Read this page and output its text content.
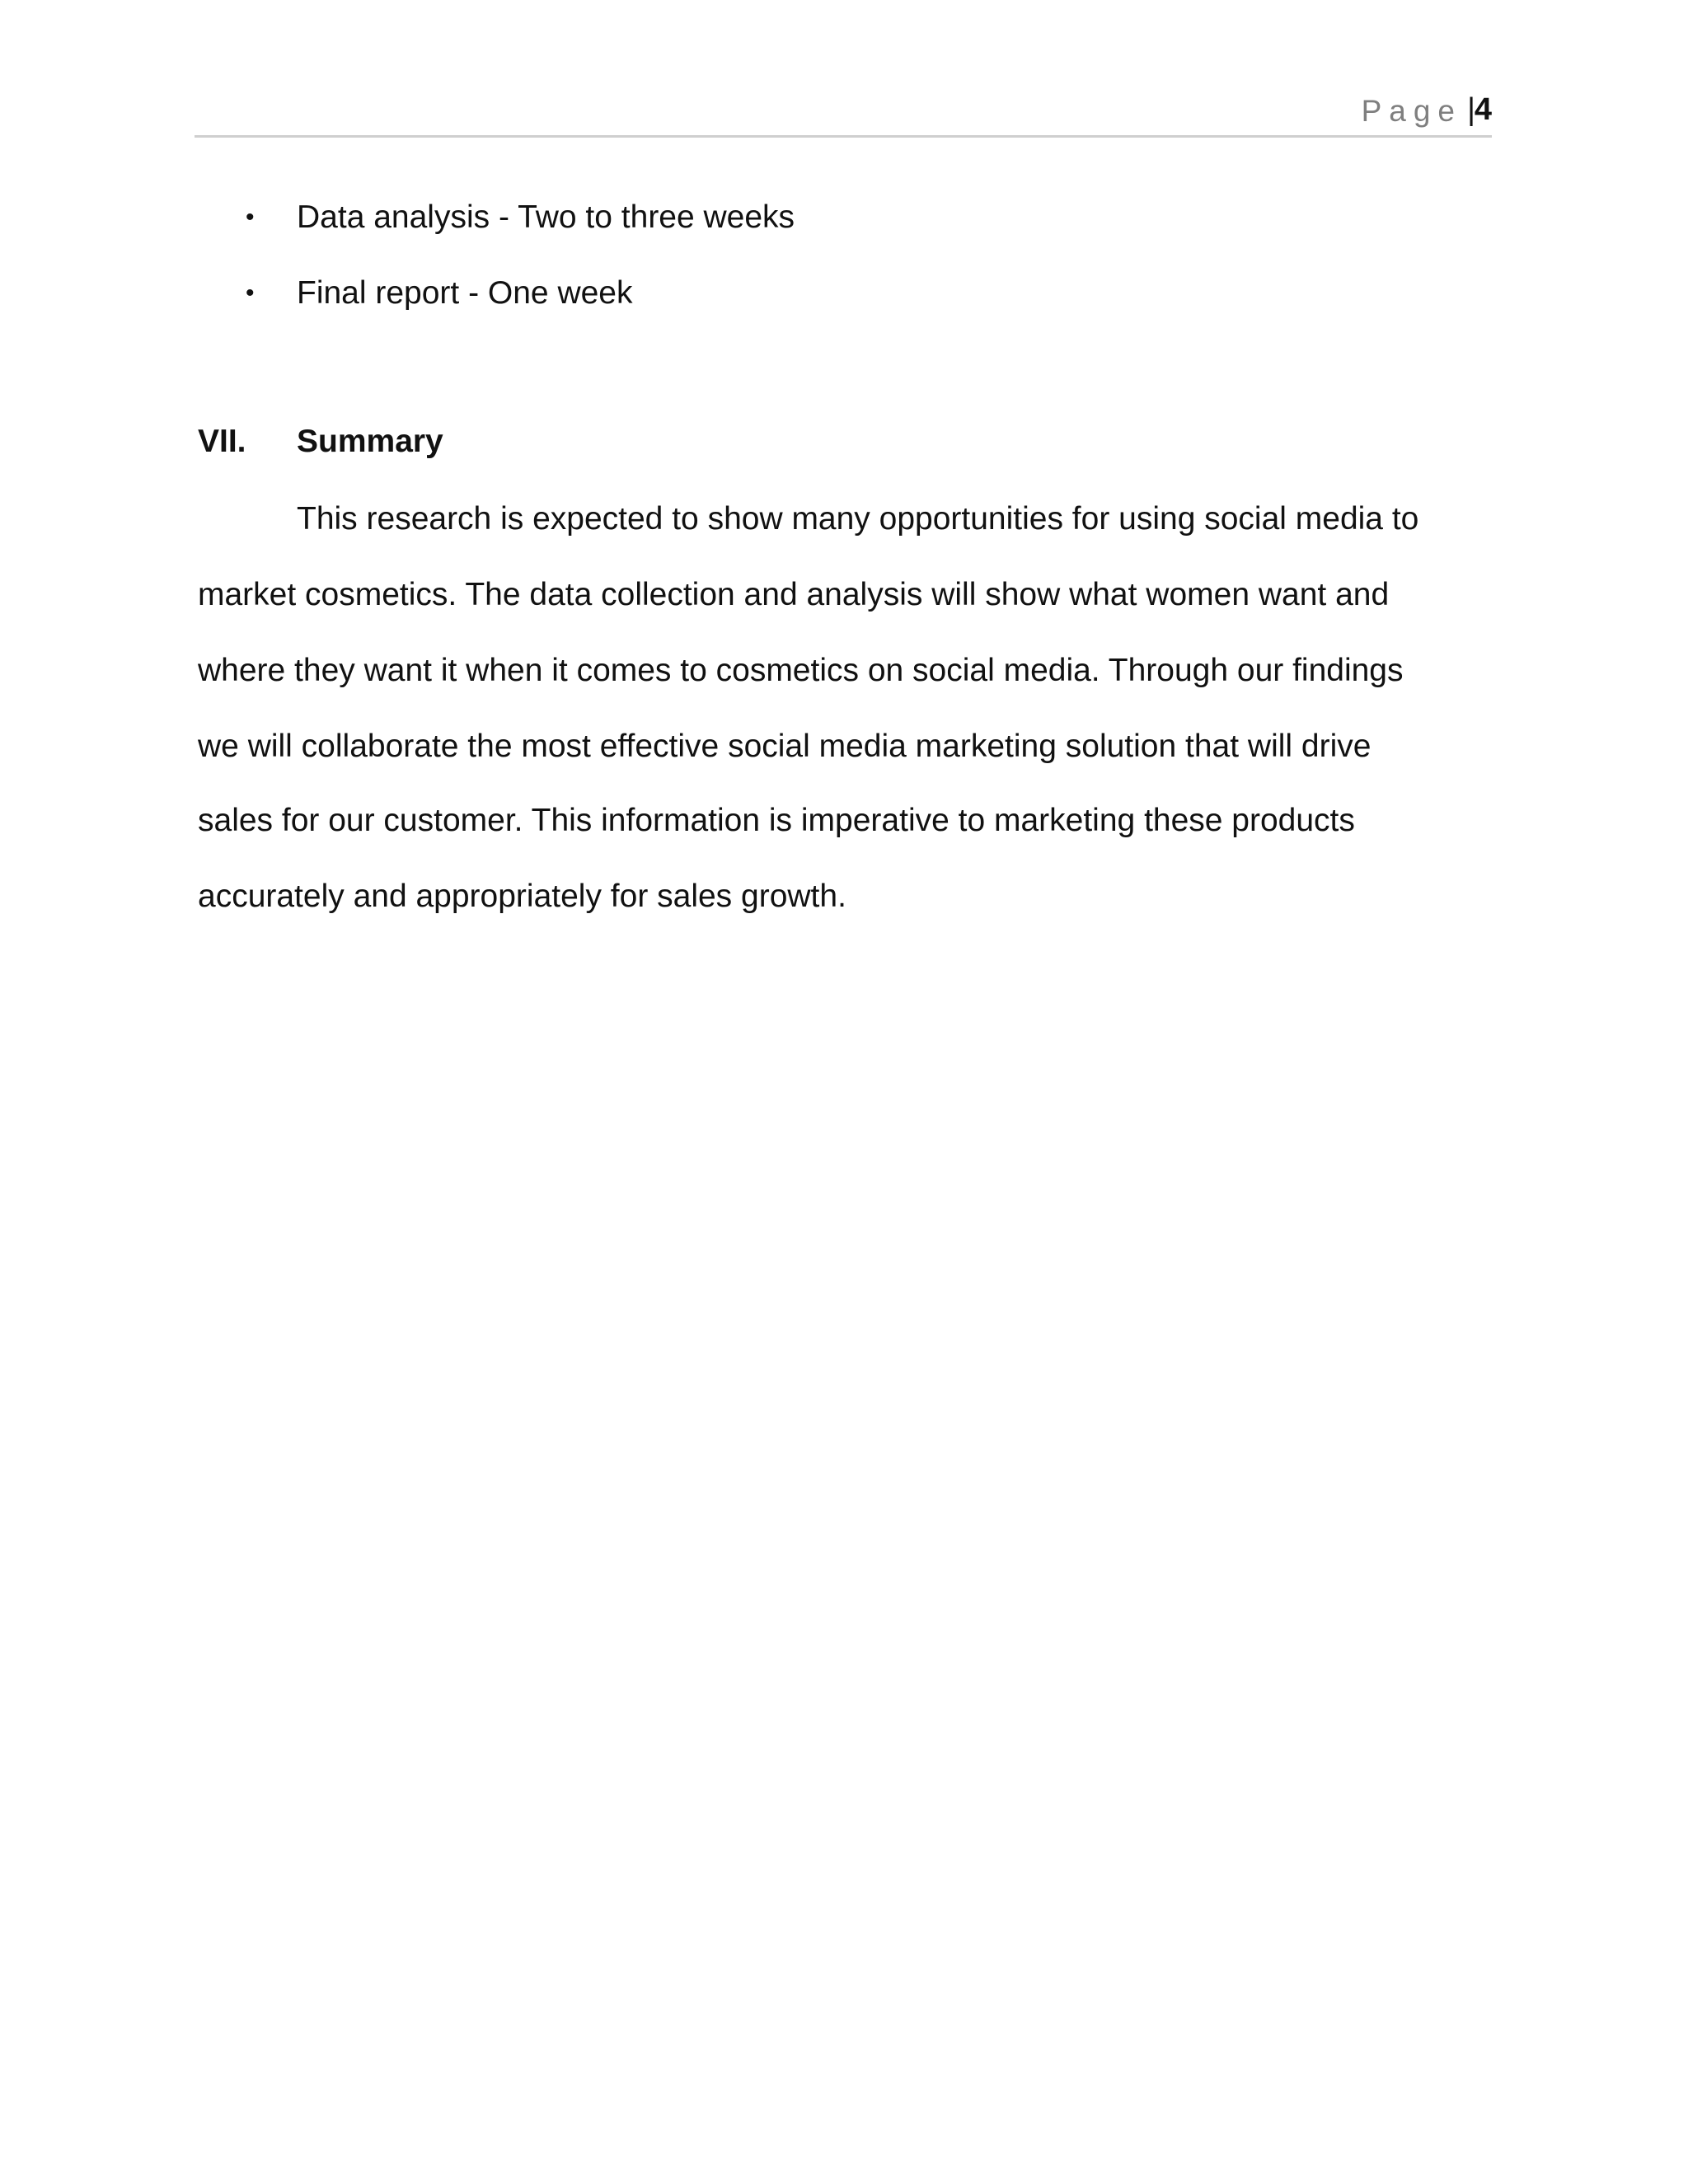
Page |
4
• Data analysis - Two to three weeks
• Final report - One week
VII. Summary
This research is expected to show many opportunities for using social media to
market cosmetics. The data collection and analysis will show what women want and
where they want it when it comes to cosmetics on social media. Through our findings
we will collaborate the most effective social media marketing solution that will drive
sales for our customer. This information is imperative to marketing these products
accurately and appropriately for sales growth.
